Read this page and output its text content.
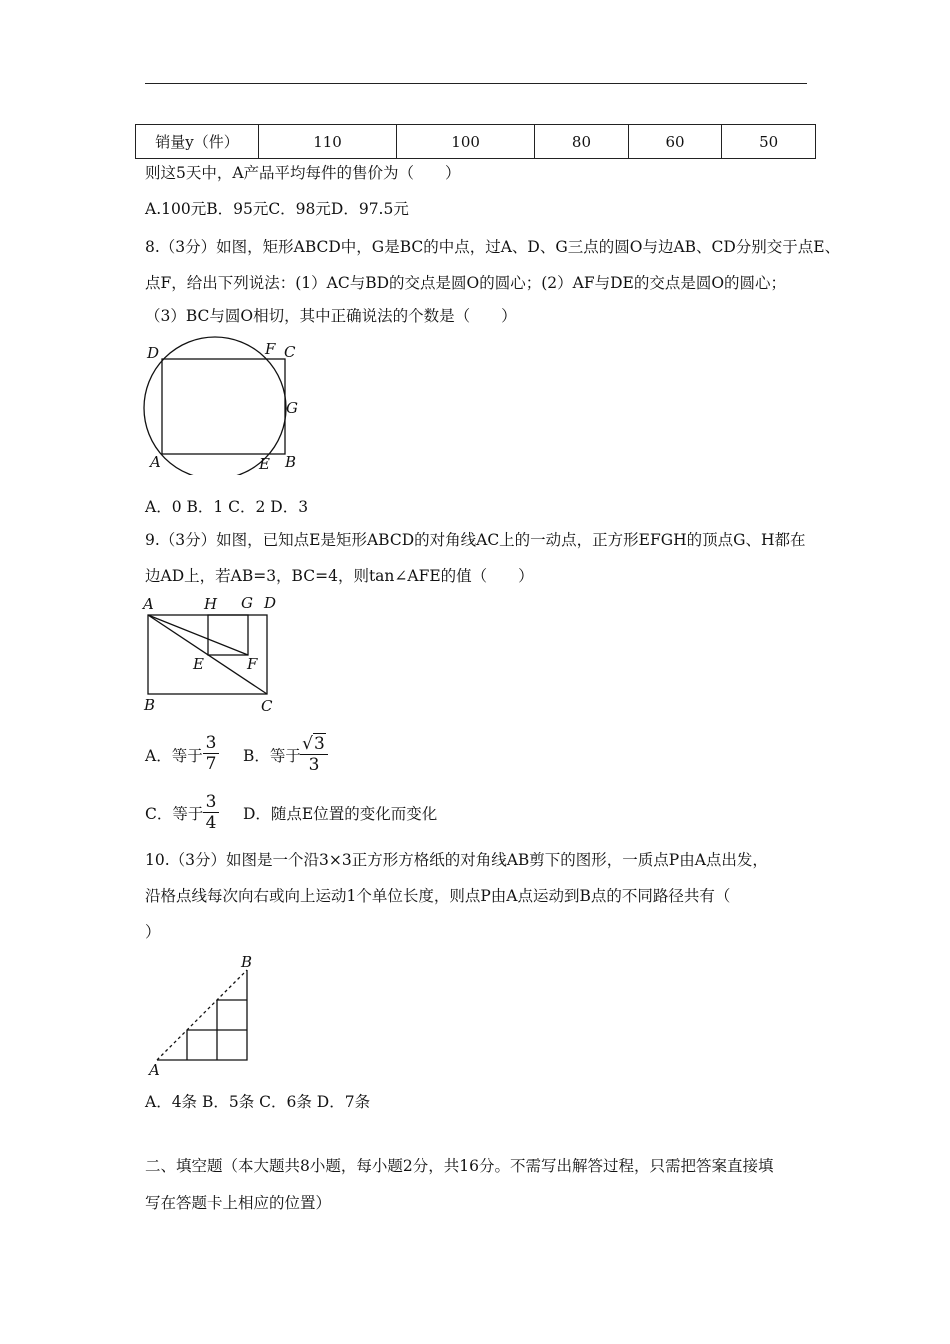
销量y（件）	110	100	80	60	50
则这5天中，A产品平均每件的售价为（　　）
A.100元B．95元C．98元D．97.5元
8.（3分）如图，矩形ABCD中，G是BC的中点，过A、D、G三点的圆O与边AB、CD分别交于点E、
点F，给出下列说法：(1）AC与BD的交点是圆O的圆心；(2）AF与DE的交点是圆O的圆心；
（3）BC与圆O相切，其中正确说法的个数是（　　）
D	F C
G
A	E B
A．0 B．1 C．2 D．3
9.（3分）如图，已知点E是矩形ABCD的对角线AC上的一动点，正方形EFGH的顶点G、H都在
边AD上，若AB=3，BC=4，则tan∠AFE的值（　　）
A	H G D
E	F
B	C
A．等于
3
7 B．等于
√ 3
3
C．等于
3
4 D．随点E位置的变化而变化
10.（3分）如图是一个沿3×3正方形方格纸的对角线AB剪下的图形，一质点P由A点出发，
沿格点线每次向右或向上运动1个单位长度，则点P由A点运动到B点的不同路径共有（
）
A
B
A．4条 B．5条 C．6条 D．7条
二、填空题（本大题共8小题，每小题2分，共16分。不需写出解答过程，只需把答案直接填
写在答题卡上相应的位置）
